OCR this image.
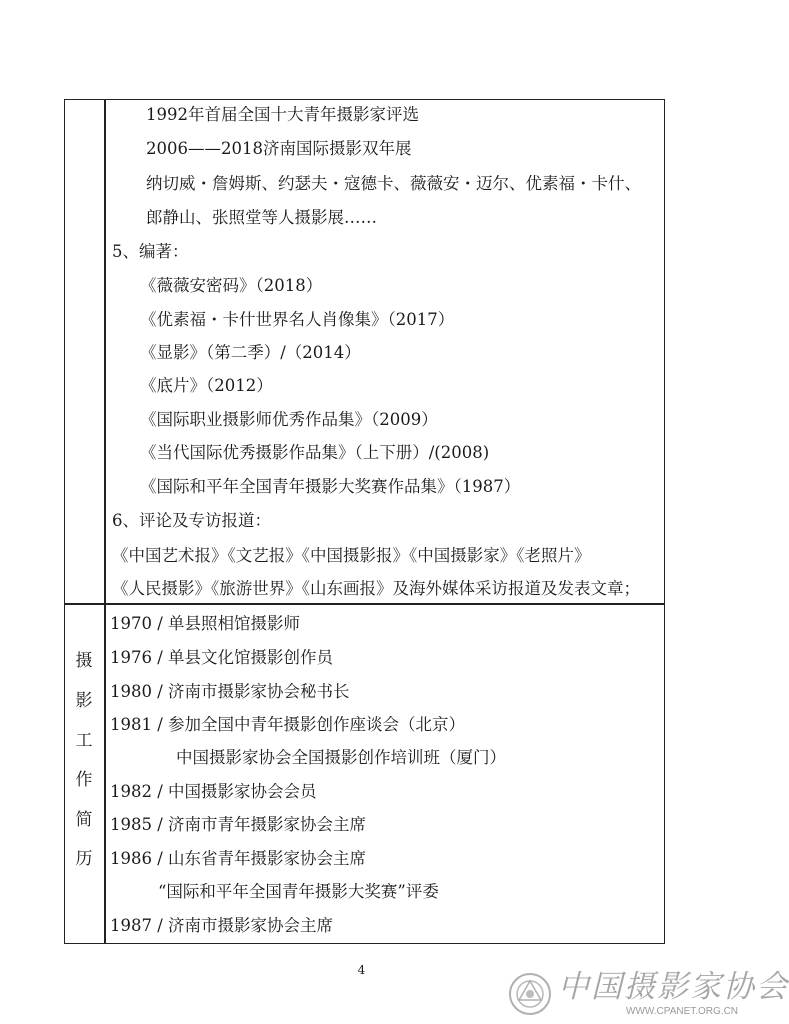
1992年首届全国十大青年摄影家评选
2006——2018济南国际摄影双年展
纳切威・詹姆斯、约瑟夫・寇德卡、薇薇安・迈尔、优素福・卡什、
郎静山、张照堂等人摄影展……
5、编著：
《薇薇安密码》（2018）
《优素福・卡什世界名人肖像集》（2017）
《显影》（第二季）/（2014）
《底片》（2012）
《国际职业摄影师优秀作品集》（2009）
《当代国际优秀摄影作品集》（上下册）/(2008)
《国际和平年全国青年摄影大奖赛作品集》（1987）
6、评论及专访报道：
《中国艺术报》《文艺报》《中国摄影报》《中国摄影家》《老照片》
《人民摄影》《旅游世界》《山东画报》及海外媒体采访报道及发表文章；
摄
影
工
作
简
历
1970 / 单县照相馆摄影师
1976 / 单县文化馆摄影创作员
1980 / 济南市摄影家协会秘书长
1981 / 参加全国中青年摄影创作座谈会（北京）
中国摄影家协会全国摄影创作培训班（厦门）
1982 / 中国摄影家协会会员
1985 / 济南市青年摄影家协会主席
1986 / 山东省青年摄影家协会主席
“国际和平年全国青年摄影大奖赛”评委
1987 / 济南市摄影家协会主席
4	中国摄影家协会
WWW.CPANET.ORG.CN
